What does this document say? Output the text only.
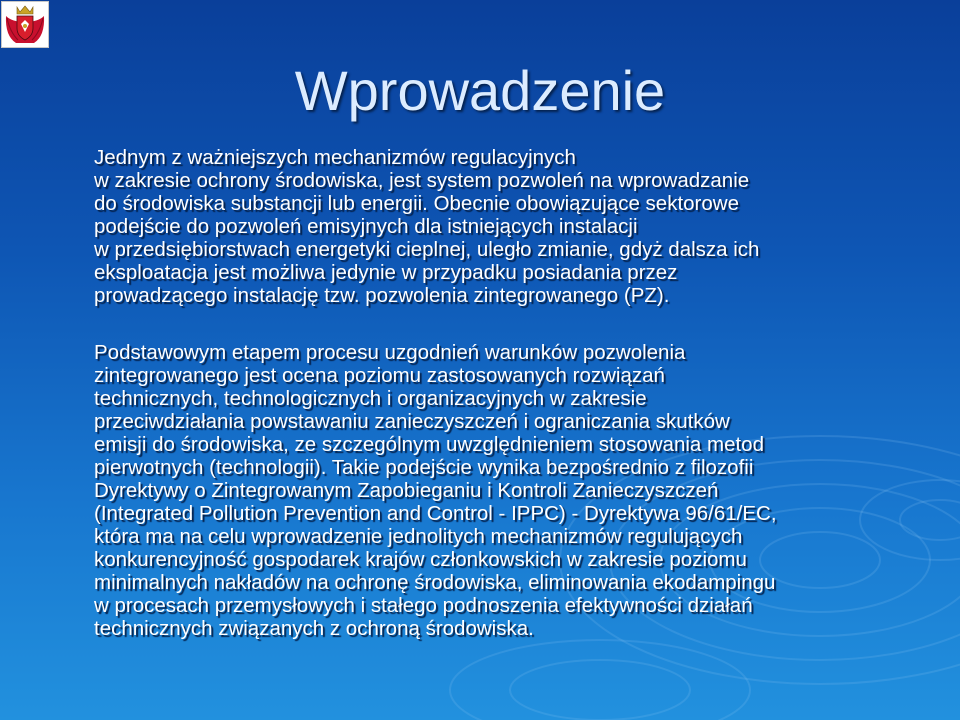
Wprowadzenie

Jednym z ważniejszych mechanizmów regulacyjnych
w zakresie ochrony środowiska, jest system pozwoleń na wprowadzanie
do środowiska substancji lub energii. Obecnie obowiązujące sektorowe
podejście do pozwoleń emisyjnych dla istniejących instalacji
w przedsiębiorstwach energetyki cieplnej, uległo zmianie, gdyż dalsza ich
eksploatacja jest możliwa jedynie w przypadku posiadania przez
prowadzącego instalację tzw. pozwolenia zintegrowanego (PZ).

Podstawowym etapem procesu uzgodnień warunków pozwolenia
zintegrowanego jest ocena poziomu zastosowanych rozwiązań
technicznych, technologicznych i organizacyjnych w zakresie
przeciwdziałania powstawaniu zanieczyszczeń i ograniczania skutków
emisji do środowiska, ze szczególnym uwzględnieniem stosowania metod
pierwotnych (technologii). Takie podejście wynika bezpośrednio z filozofii
Dyrektywy o Zintegrowanym Zapobieganiu i Kontroli Zanieczyszczeń
(Integrated Pollution Prevention and Control - IPPC) - Dyrektywa 96/61/EC,
która ma na celu wprowadzenie jednolitych mechanizmów regulujących
konkurencyjność gospodarek krajów członkowskich w zakresie poziomu
minimalnych nakładów na ochronę środowiska, eliminowania ekodampingu
w procesach przemysłowych i stałego podnoszenia efektywności działań
technicznych związanych z ochroną środowiska.
